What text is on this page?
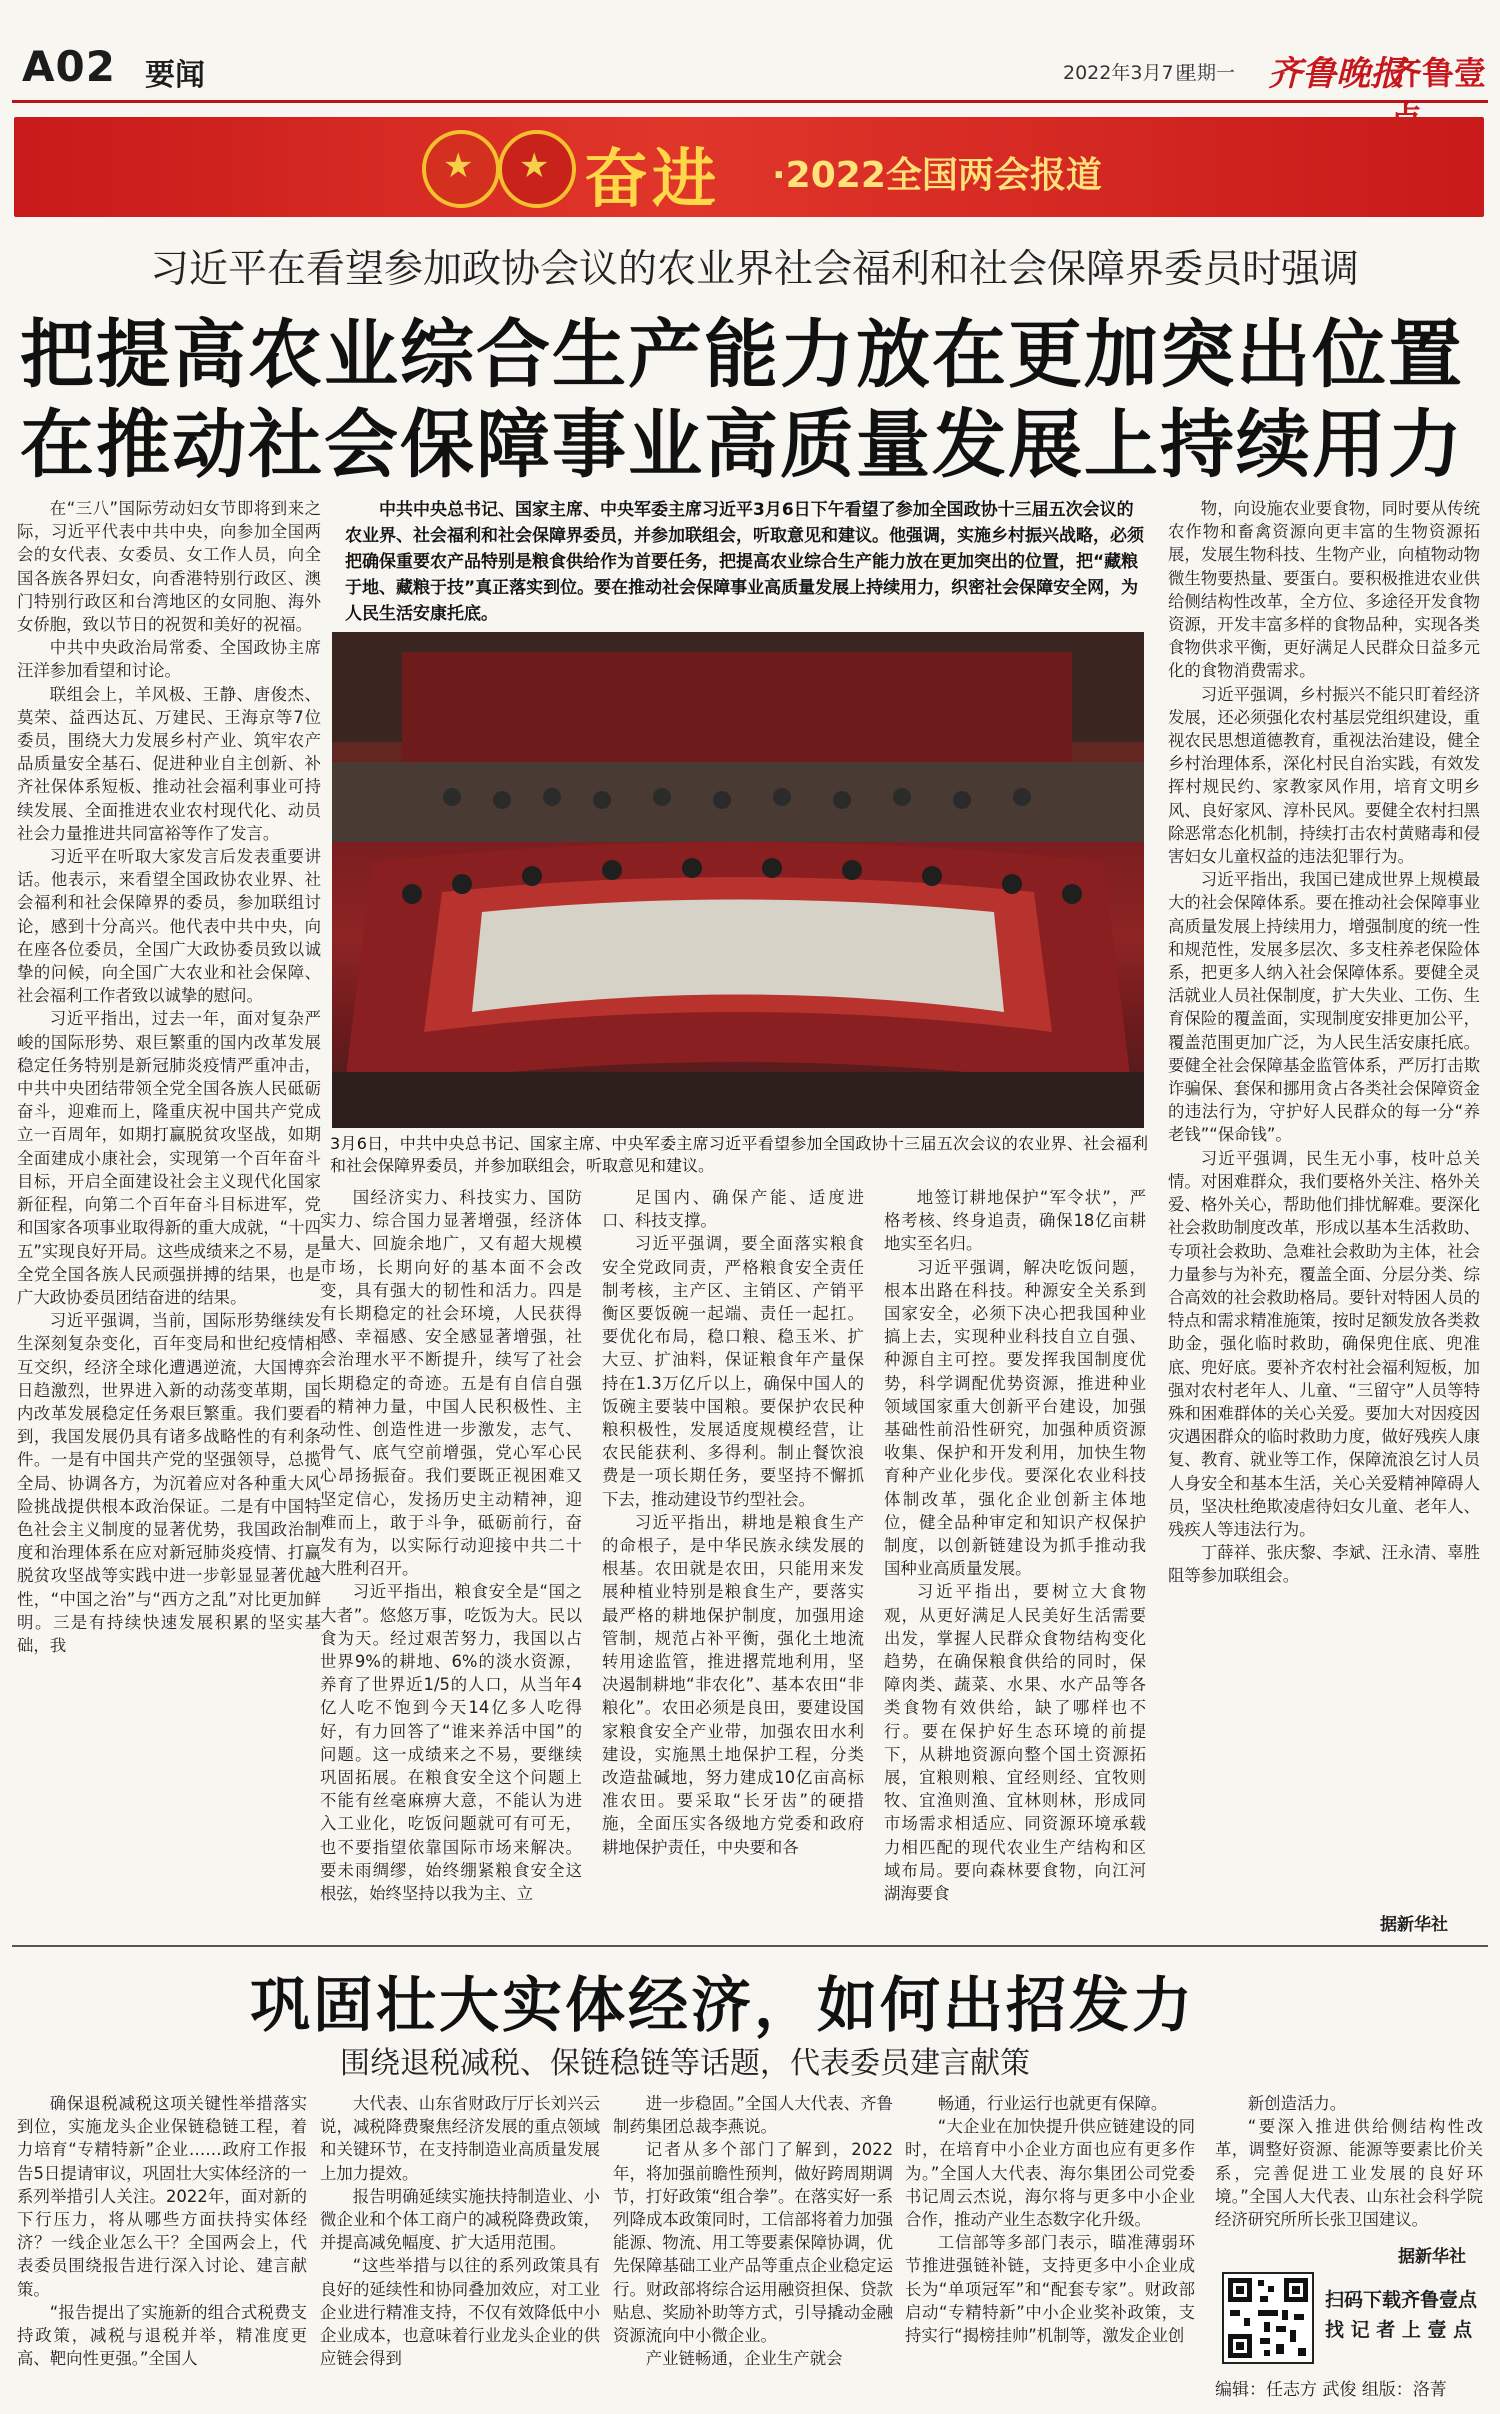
A02 要闻	2022年3月7日
星期一 齐鲁晚报
齐鲁壹
★ ★ 奋进 ·2022全国两会报道
习近平在看望参加政协会议的农业界社会福利和社会保障界委员时强调
把提高农业综合生产能力放在更加突出位置
在推动社会保障事业高质量发展上持续用力
中共中央总书记、国家主席、中央军委主席习近平3月6日下午看望了参加全国政协十三届五次会议的农业界、社会福利和社会保障界委员，并参加联组会，听取意见和建议。他强调，实施乡村振兴战略，必须把确保重要农产品特别是粮食供给作为首要任务，把提高农业综合生产能力放在更加突出的位置，把“藏粮于地、藏粮于技”真正落实到位。要在推动社会保障事业高质量发展上持续用力，织密社会保障安全网，为人民生活安康托底。
3月6日，中共中央总书记、国家主席、中央军委主席习近平看望参加全国政协十三届五次会议的农业界、社会福利和社会保障界委员，并参加联组会，听取意见和建议。

在“三八”国际劳动妇女节即将到来之际，习近平代表中共中央，向参加全国两会的女代表、女委员、女工作人员，向全国各族各界妇女，向香港特别行政区、澳门特别行政区和台湾地区的女同胞、海外女侨胞，致以节日的祝贺和美好的祝福。

中共中央政治局常委、全国政协主席汪洋参加看望和讨论。

联组会上，羊风极、王静、唐俊杰、莫荣、益西达瓦、万建民、王海京等7位委员，围绕大力发展乡村产业、筑牢农产品质量安全基石、促进种业自主创新、补齐社保体系短板、推动社会福利事业可持续发展、全面推进农业农村现代化、动员社会力量推进共同富裕等作了发言。

习近平在听取大家发言后发表重要讲话。他表示，来看望全国政协农业界、社会福利和社会保障界的委员，参加联组讨论，感到十分高兴。他代表中共中央，向在座各位委员，全国广大政协委员致以诚挚的问候，向全国广大农业和社会保障、社会福利工作者致以诚挚的慰问。

习近平指出，过去一年，面对复杂严峻的国际形势、艰巨繁重的国内改革发展稳定任务特别是新冠肺炎疫情严重冲击，中共中央团结带领全党全国各族人民砥砺奋斗，迎难而上，隆重庆祝中国共产党成立一百周年，如期打赢脱贫攻坚战，如期全面建成小康社会，实现第一个百年奋斗目标，开启全面建设社会主义现代化国家新征程，向第二个百年奋斗目标进军，党和国家各项事业取得新的重大成就，“十四五”实现良好开局。这些成绩来之不易，是全党全国各族人民顽强拼搏的结果，也是广大政协委员团结奋进的结果。

习近平强调，当前，国际形势继续发生深刻复杂变化，百年变局和世纪疫情相互交织，经济全球化遭遇逆流，大国博弈日趋激烈，世界进入新的动荡变革期，国内改革发展稳定任务艰巨繁重。我们要看到，我国发展仍具有诸多战略性的有利条件。一是有中国共产党的坚强领导，总揽全局、协调各方，为沉着应对各种重大风险挑战提供根本政治保证。二是有中国特色社会主义制度的显著优势，我国政治制度和治理体系在应对新冠肺炎疫情、打赢脱贫攻坚战等实践中进一步彰显显著优越性，“中国之治”与“西方之乱”对比更加鲜明。三是有持续快速发展积累的坚实基础，我

国经济实力、科技实力、国防实力、综合国力显著增强，经济体量大、回旋余地广，又有超大规模市场，长期向好的基本面不会改变，具有强大的韧性和活力。四是有长期稳定的社会环境，人民获得感、幸福感、安全感显著增强，社会治理水平不断提升，续写了社会长期稳定的奇迹。五是有自信自强的精神力量，中国人民积极性、主动性、创造性进一步激发，志气、骨气、底气空前增强，党心军心民心昂扬振奋。我们要既正视困难又坚定信心，发扬历史主动精神，迎难而上，敢于斗争，砥砺前行，奋发有为，以实际行动迎接中共二十大胜利召开。

习近平指出，粮食安全是“国之大者”。悠悠万事，吃饭为大。民以食为天。经过艰苦努力，我国以占世界9%的耕地、6%的淡水资源，养育了世界近1/5的人口，从当年4亿人吃不饱到今天14亿多人吃得好，有力回答了“谁来养活中国”的问题。这一成绩来之不易，要继续巩固拓展。在粮食安全这个问题上不能有丝毫麻痹大意，不能认为进入工业化，吃饭问题就可有可无，也不要指望依靠国际市场来解决。要未雨绸缪，始终绷紧粮食安全这根弦，始终坚持以我为主、立

足国内、确保产能、适度进口、科技支撑。

习近平强调，要全面落实粮食安全党政同责，严格粮食安全责任制考核，主产区、主销区、产销平衡区要饭碗一起端、责任一起扛。要优化布局，稳口粮、稳玉米、扩大豆、扩油料，保证粮食年产量保持在1.3万亿斤以上，确保中国人的饭碗主要装中国粮。要保护农民种粮积极性，发展适度规模经营，让农民能获利、多得利。制止餐饮浪费是一项长期任务，要坚持不懈抓下去，推动建设节约型社会。

习近平指出，耕地是粮食生产的命根子，是中华民族永续发展的根基。农田就是农田，只能用来发展种植业特别是粮食生产，要落实最严格的耕地保护制度，加强用途管制，规范占补平衡，强化土地流转用途监管，推进撂荒地利用，坚决遏制耕地“非农化”、基本农田“非粮化”。农田必须是良田，要建设国家粮食安全产业带，加强农田水利建设，实施黑土地保护工程，分类改造盐碱地，努力建成10亿亩高标准农田。要采取“长牙齿”的硬措施，全面压实各级地方党委和政府耕地保护责任，中央要和各

地签订耕地保护“军令状”，严格考核、终身追责，确保18亿亩耕地实至名归。

习近平强调，解决吃饭问题，根本出路在科技。种源安全关系到国家安全，必须下决心把我国种业搞上去，实现种业科技自立自强、种源自主可控。要发挥我国制度优势，科学调配优势资源，推进种业领域国家重大创新平台建设，加强基础性前沿性研究，加强种质资源收集、保护和开发利用，加快生物育种产业化步伐。要深化农业科技体制改革，强化企业创新主体地位，健全品种审定和知识产权保护制度，以创新链建设为抓手推动我国种业高质量发展。

习近平指出，要树立大食物观，从更好满足人民美好生活需要出发，掌握人民群众食物结构变化趋势，在确保粮食供给的同时，保障肉类、蔬菜、水果、水产品等各类食物有效供给，缺了哪样也不行。要在保护好生态环境的前提下，从耕地资源向整个国土资源拓展，宜粮则粮、宜经则经、宜牧则牧、宜渔则渔、宜林则林，形成同市场需求相适应、同资源环境承载力相匹配的现代农业生产结构和区域布局。要向森林要食物，向江河湖海要食

物，向设施农业要食物，同时要从传统农作物和畜禽资源向更丰富的生物资源拓展，发展生物科技、生物产业，向植物动物微生物要热量、要蛋白。要积极推进农业供给侧结构性改革，全方位、多途径开发食物资源，开发丰富多样的食物品种，实现各类食物供求平衡，更好满足人民群众日益多元化的食物消费需求。

习近平强调，乡村振兴不能只盯着经济发展，还必须强化农村基层党组织建设，重视农民思想道德教育，重视法治建设，健全乡村治理体系，深化村民自治实践，有效发挥村规民约、家教家风作用，培育文明乡风、良好家风、淳朴民风。要健全农村扫黑除恶常态化机制，持续打击农村黄赌毒和侵害妇女儿童权益的违法犯罪行为。

习近平指出，我国已建成世界上规模最大的社会保障体系。要在推动社会保障事业高质量发展上持续用力，增强制度的统一性和规范性，发展多层次、多支柱养老保险体系，把更多人纳入社会保障体系。要健全灵活就业人员社保制度，扩大失业、工伤、生育保险的覆盖面，实现制度安排更加公平，覆盖范围更加广泛，为人民生活安康托底。要健全社会保障基金监管体系，严厉打击欺诈骗保、套保和挪用贪占各类社会保障资金的违法行为，守护好人民群众的每一分“养老钱”“保命钱”。

习近平强调，民生无小事，枝叶总关情。对困难群众，我们要格外关注、格外关爱、格外关心，帮助他们排忧解难。要深化社会救助制度改革，形成以基本生活救助、专项社会救助、急难社会救助为主体，社会力量参与为补充，覆盖全面、分层分类、综合高效的社会救助格局。要针对特困人员的特点和需求精准施策，按时足额发放各类救助金，强化临时救助，确保兜住底、兜准底、兜好底。要补齐农村社会福利短板，加强对农村老年人、儿童、“三留守”人员等特殊和困难群体的关心关爱。要加大对因疫因灾遇困群众的临时救助力度，做好残疾人康复、教育、就业等工作，保障流浪乞讨人员人身安全和基本生活，关心关爱精神障碍人员，坚决杜绝欺凌虐待妇女儿童、老年人、残疾人等违法行为。

丁薛祥、张庆黎、李斌、汪永清、辜胜阻等参加联组会。

据新华社
巩固壮大实体经济，如何出招发力
围绕退税减税、保链稳链等话题，代表委员建言献策

确保退税减税这项关键性举措落实到位，实施龙头企业保链稳链工程，着力培育“专精特新”企业……政府工作报告5日提请审议，巩固壮大实体经济的一系列举措引人关注。2022年，面对新的下行压力，将从哪些方面扶持实体经济？一线企业怎么干？全国两会上，代表委员围绕报告进行深入讨论、建言献策。

“报告提出了实施新的组合式税费支持政策，减税与退税并举，精准度更高、靶向性更强。”全国人

大代表、山东省财政厅厅长刘兴云说，减税降费聚焦经济发展的重点领域和关键环节，在支持制造业高质量发展上加力提效。

报告明确延续实施扶持制造业、小微企业和个体工商户的减税降费政策，并提高减免幅度、扩大适用范围。

“这些举措与以往的系列政策具有良好的延续性和协同叠加效应，对工业企业进行精准支持，不仅有效降低中小企业成本，也意味着行业龙头企业的供应链会得到

进一步稳固。”全国人大代表、齐鲁制药集团总裁李燕说。

记者从多个部门了解到，2022年，将加强前瞻性预判，做好跨周期调节，打好政策“组合拳”。在落实好一系列降成本政策同时，工信部将着力加强能源、物流、用工等要素保障协调，优先保障基础工业产品等重点企业稳定运行。财政部将综合运用融资担保、贷款贴息、奖励补助等方式，引导撬动金融资源流向中小微企业。

产业链畅通，企业生产就会

畅通，行业运行也就更有保障。

“大企业在加快提升供应链建设的同时，在培育中小企业方面也应有更多作为。”全国人大代表、海尔集团公司党委书记周云杰说，海尔将与更多中小企业合作，推动产业生态数字化升级。

工信部等多部门表示，瞄准薄弱环节推进强链补链，支持更多中小企业成长为“单项冠军”和“配套专家”。财政部启动“专精特新”中小企业奖补政策，支持实行“揭榜挂帅”机制等，激发企业创

新创造活力。

“要深入推进供给侧结构性改革，调整好资源、能源等要素比价关系，完善促进工业发展的良好环境。”全国人大代表、山东社会科学院经济研究所所长张卫国建议。

据新华社
扫码下载齐鲁壹点
找 记 者 上 壹 点
编辑：任志方 武俊 组版：洛菁
